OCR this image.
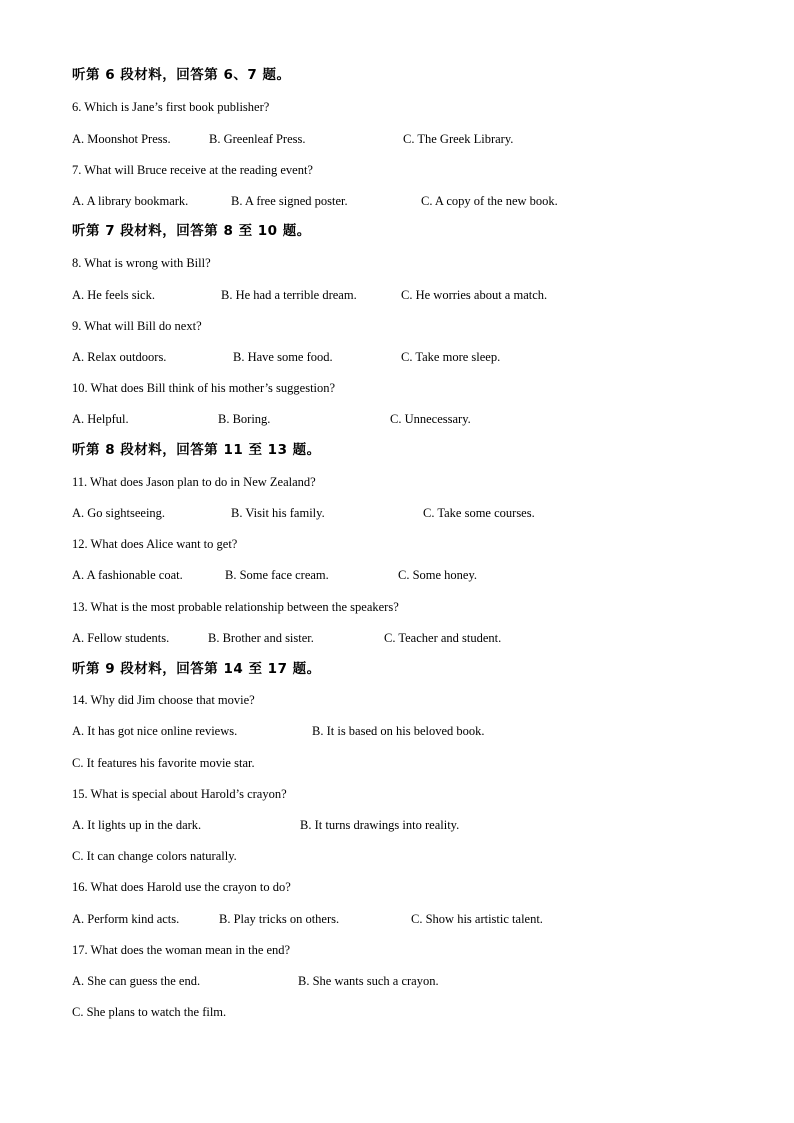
听第 6 段材料，回答第 6、7 题。
6. Which is Jane’s first book publisher?
A. Moonshot Press.	B. Greenleaf Press.	C. The Greek Library.
7. What will Bruce receive at the reading event?
A. A library bookmark.	B. A free signed poster.	C. A copy of the new book.
听第 7 段材料，回答第 8 至 10 题。
8. What is wrong with Bill?
A. He feels sick.	B. He had a terrible dream.	C. He worries about a match.
9. What will Bill do next?
A. Relax outdoors.	B. Have some food.	C. Take more sleep.
10. What does Bill think of his mother’s suggestion?
A. Helpful.	B. Boring.	C. Unnecessary.
听第 8 段材料，回答第 11 至 13 题。
11. What does Jason plan to do in New Zealand?
A. Go sightseeing.	B. Visit his family.	C. Take some courses.
12. What does Alice want to get?
A. A fashionable coat.	B. Some face cream.	C. Some honey.
13. What is the most probable relationship between the speakers?
A. Fellow students.	B. Brother and sister.	C. Teacher and student.
听第 9 段材料，回答第 14 至 17 题。
14. Why did Jim choose that movie?
A. It has got nice online reviews.	B. It is based on his beloved book.
C. It features his favorite movie star.
15. What is special about Harold’s crayon?
A. It lights up in the dark.	B. It turns drawings into reality.
C. It can change colors naturally.
16. What does Harold use the crayon to do?
A. Perform kind acts.	B. Play tricks on others.	C. Show his artistic talent.
17. What does the woman mean in the end?
A. She can guess the end.	B. She wants such a crayon.
C. She plans to watch the film.
